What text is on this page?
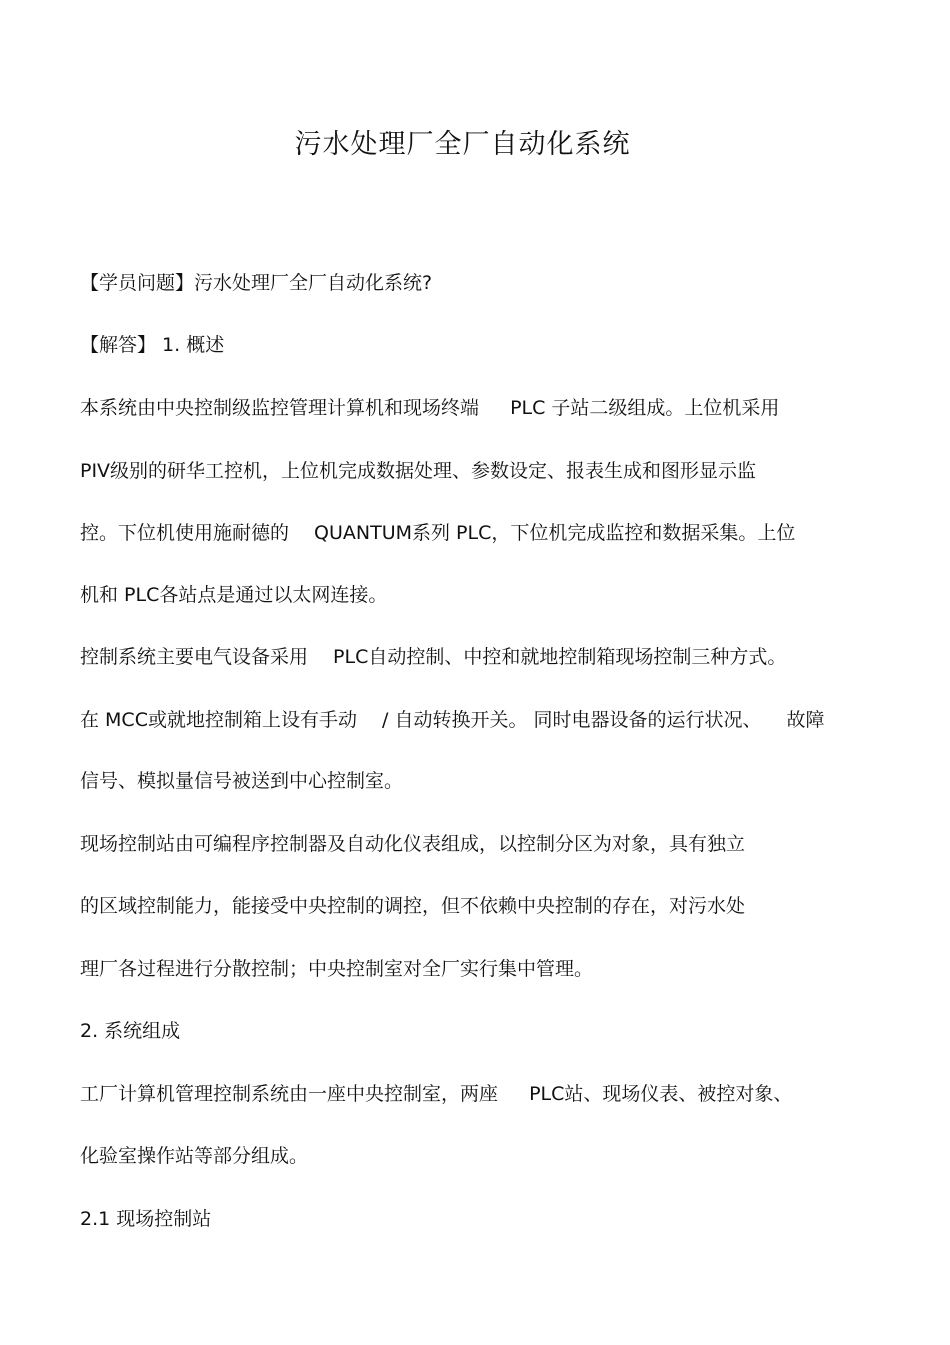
污水处理厂全厂自动化系统
【学员问题】污水处理厂全厂自动化系统?
【解答】 1. 概述
本系统由中央控制级监控管理计算机和现场终端 　 PLC 子站二级组成。上位机采用
PIV级别的研华工控机，上位机完成数据处理、参数设定、报表生成和图形显示监
控。下位机使用施耐德的 　QUANTUM系列 PLC，下位机完成监控和数据采集。上位
机和 PLC各站点是通过以太网连接。
控制系统主要电气设备采用 　PLC自动控制、中控和就地控制箱现场控制三种方式。
在 MCC或就地控制箱上设有手动 　/ 自动转换开关。 同时电器设备的运行状况、 　故障
信号、模拟量信号被送到中心控制室。
现场控制站由可编程序控制器及自动化仪表组成，以控制分区为对象，具有独立
的区域控制能力，能接受中央控制的调控，但不依赖中央控制的存在，对污水处
理厂各过程进行分散控制；中央控制室对全厂实行集中管理。
2. 系统组成
工厂计算机管理控制系统由一座中央控制室，两座 　 PLC站、现场仪表、被控对象、
化验室操作站等部分组成。
2.1 现场控制站
